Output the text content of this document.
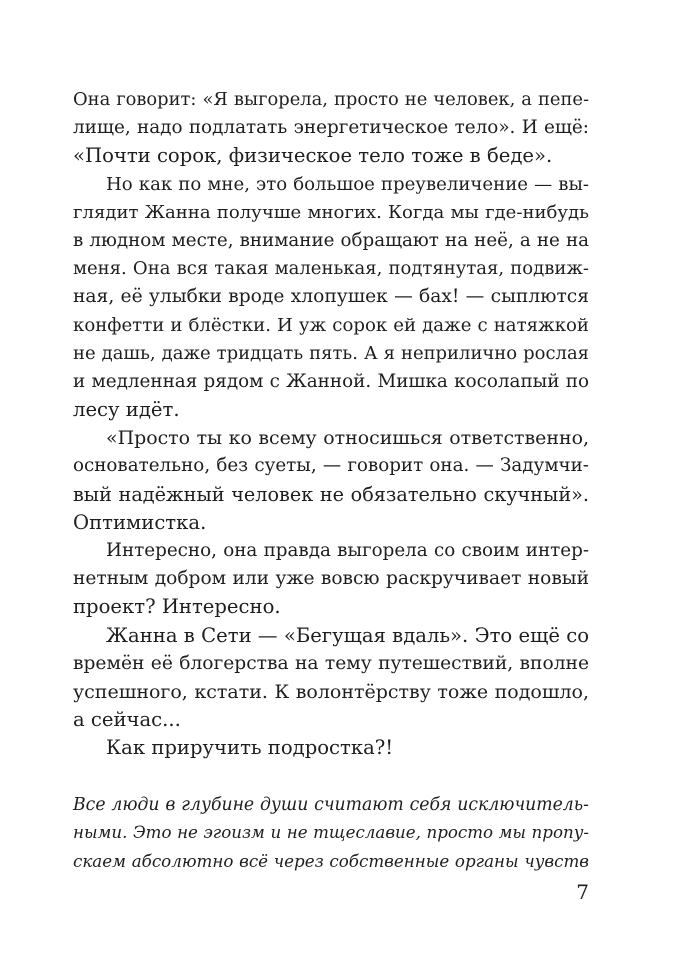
Она говорит: «Я выгорела, просто не человек, а пепе-
лище, надо подлатать энергетическое тело». И ещё:
«Почти сорок, физическое тело тоже в беде».
Но как по мне, это большое преувеличение — вы-
глядит Жанна получше многих. Когда мы где-нибудь
в людном месте, внимание обращают на неё, а не на
меня. Она вся такая маленькая, подтянутая, подвиж-
ная, её улыбки вроде хлопушек — бах! — сыплются
конфетти и блёстки. И уж сорок ей даже с натяжкой
не дашь, даже тридцать пять. А я неприлично рослая
и медленная рядом с Жанной. Мишка косолапый по
лесу идёт.
«Просто ты ко всему относишься ответственно,
основательно, без суеты, — говорит она. — Задумчи-
вый надёжный человек не обязательно скучный».
Оптимистка.
Интересно, она правда выгорела со своим интер-
нетным добром или уже вовсю раскручивает новый
проект? Интересно.
Жанна в Сети — «Бегущая вдаль». Это ещё со
времён её блогерства на тему путешествий, вполне
успешного, кстати. К волонтёрству тоже подошло,
а сейчас...
Как приручить подростка?!
Все люди в глубине души считают себя исключитель-
ными. Это не эгоизм и не тщеславие, просто мы пропу-
скаем абсолютно всё через собственные органы чувств
7
